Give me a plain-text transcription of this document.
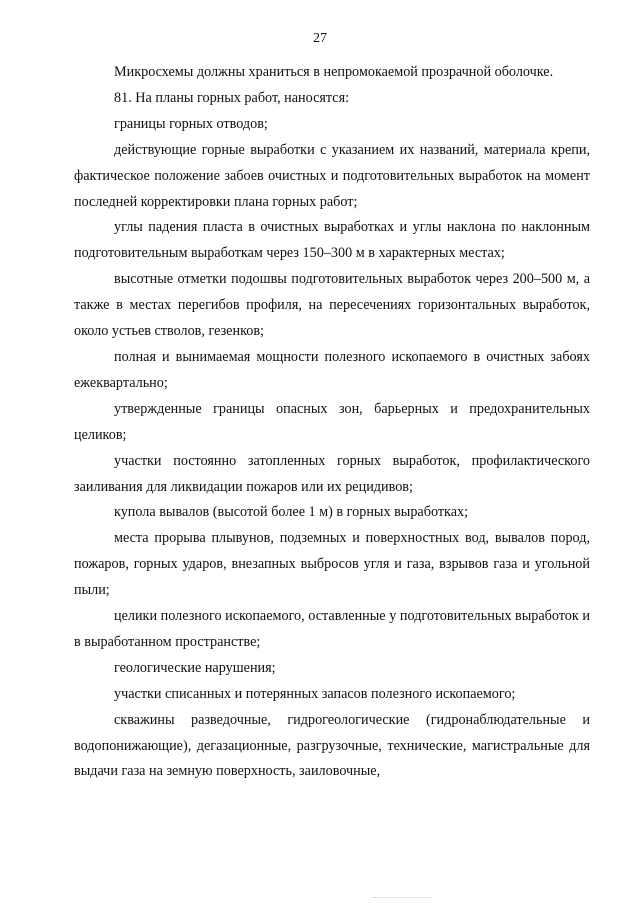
27

Микросхемы должны храниться в непромокаемой прозрачной оболочке.

81. На планы горных работ, наносятся:

границы горных отводов;

действующие горные выработки с указанием их названий, материала крепи, фактическое положение забоев очистных и подготовительных выработок на момент последней корректировки плана горных работ;

углы падения пласта в очистных выработках и углы наклона по наклонным подготовительным выработкам через 150–300 м в характерных местах;

высотные отметки подошвы подготовительных выработок через 200–500 м, а также в местах перегибов профиля, на пересечениях горизонтальных выработок, около устьев стволов, гезенков;

полная и вынимаемая мощности полезного ископаемого в очистных забоях ежеквартально;

утвержденные границы опасных зон, барьерных и предохранительных целиков;

участки постоянно затопленных горных выработок, профилактического заиливания для ликвидации пожаров или их рецидивов;

купола вывалов (высотой более 1 м) в горных выработках;

места прорыва плывунов, подземных и поверхностных вод, вывалов пород, пожаров, горных ударов, внезапных выбросов угля и газа, взрывов газа и угольной пыли;

целики полезного ископаемого, оставленные у подготовительных выработок и в выработанном пространстве;

геологические нарушения;

участки списанных и потерянных запасов полезного ископаемого;

скважины разведочные, гидрогеологические (гидронаблюдательные и водопонижающие), дегазационные, разгрузочные, технические, магистральные для выдачи газа на земную поверхность, заиловочные,
